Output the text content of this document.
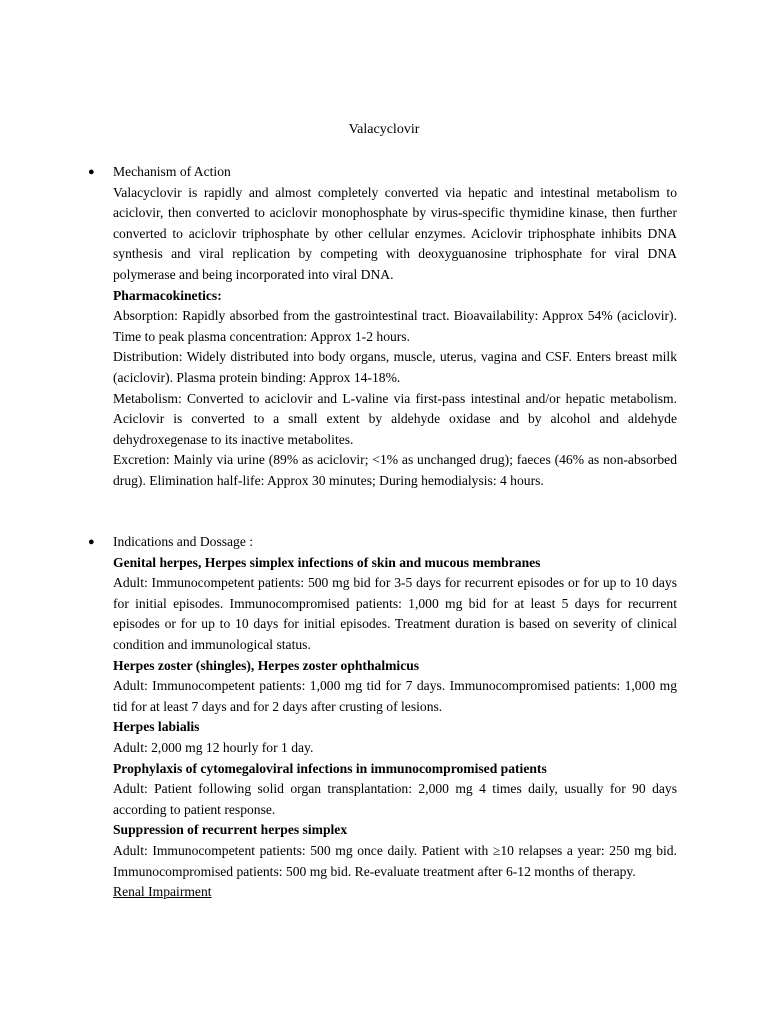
Valacyclovir
● Mechanism of Action

Valacyclovir is rapidly and almost completely converted via hepatic and intestinal metabolism to aciclovir, then converted to aciclovir monophosphate by virus-specific thymidine kinase, then further converted to aciclovir triphosphate by other cellular enzymes. Aciclovir triphosphate inhibits DNA synthesis and viral replication by competing with deoxyguanosine triphosphate for viral DNA polymerase and being incorporated into viral DNA.

Pharmacokinetics:

Absorption: Rapidly absorbed from the gastrointestinal tract. Bioavailability: Approx 54% (aciclovir). Time to peak plasma concentration: Approx 1-2 hours.

Distribution: Widely distributed into body organs, muscle, uterus, vagina and CSF. Enters breast milk (aciclovir). Plasma protein binding: Approx 14-18%.

Metabolism: Converted to aciclovir and L-valine via first-pass intestinal and/or hepatic metabolism. Aciclovir is converted to a small extent by aldehyde oxidase and by alcohol and aldehyde dehydroxegenase to its inactive metabolites.

Excretion: Mainly via urine (89% as aciclovir; <1% as unchanged drug); faeces (46% as non-absorbed drug). Elimination half-life: Approx 30 minutes; During hemodialysis: 4 hours.

● Indications and Dossage :

Genital herpes, Herpes simplex infections of skin and mucous membranes

Adult: Immunocompetent patients: 500 mg bid for 3-5 days for recurrent episodes or for up to 10 days for initial episodes. Immunocompromised patients: 1,000 mg bid for at least 5 days for recurrent episodes or for up to 10 days for initial episodes. Treatment duration is based on severity of clinical condition and immunological status.

Herpes zoster (shingles), Herpes zoster ophthalmicus

Adult: Immunocompetent patients: 1,000 mg tid for 7 days. Immunocompromised patients: 1,000 mg tid for at least 7 days and for 2 days after crusting of lesions.

Herpes labialis

Adult: 2,000 mg 12 hourly for 1 day.

Prophylaxis of cytomegaloviral infections in immunocompromised patients

Adult: Patient following solid organ transplantation: 2,000 mg 4 times daily, usually for 90 days according to patient response.

Suppression of recurrent herpes simplex

Adult: Immunocompetent patients: 500 mg once daily. Patient with ≥10 relapses a year: 250 mg bid. Immunocompromised patients: 500 mg bid. Re-evaluate treatment after 6-12 months of therapy.

Renal Impairment
